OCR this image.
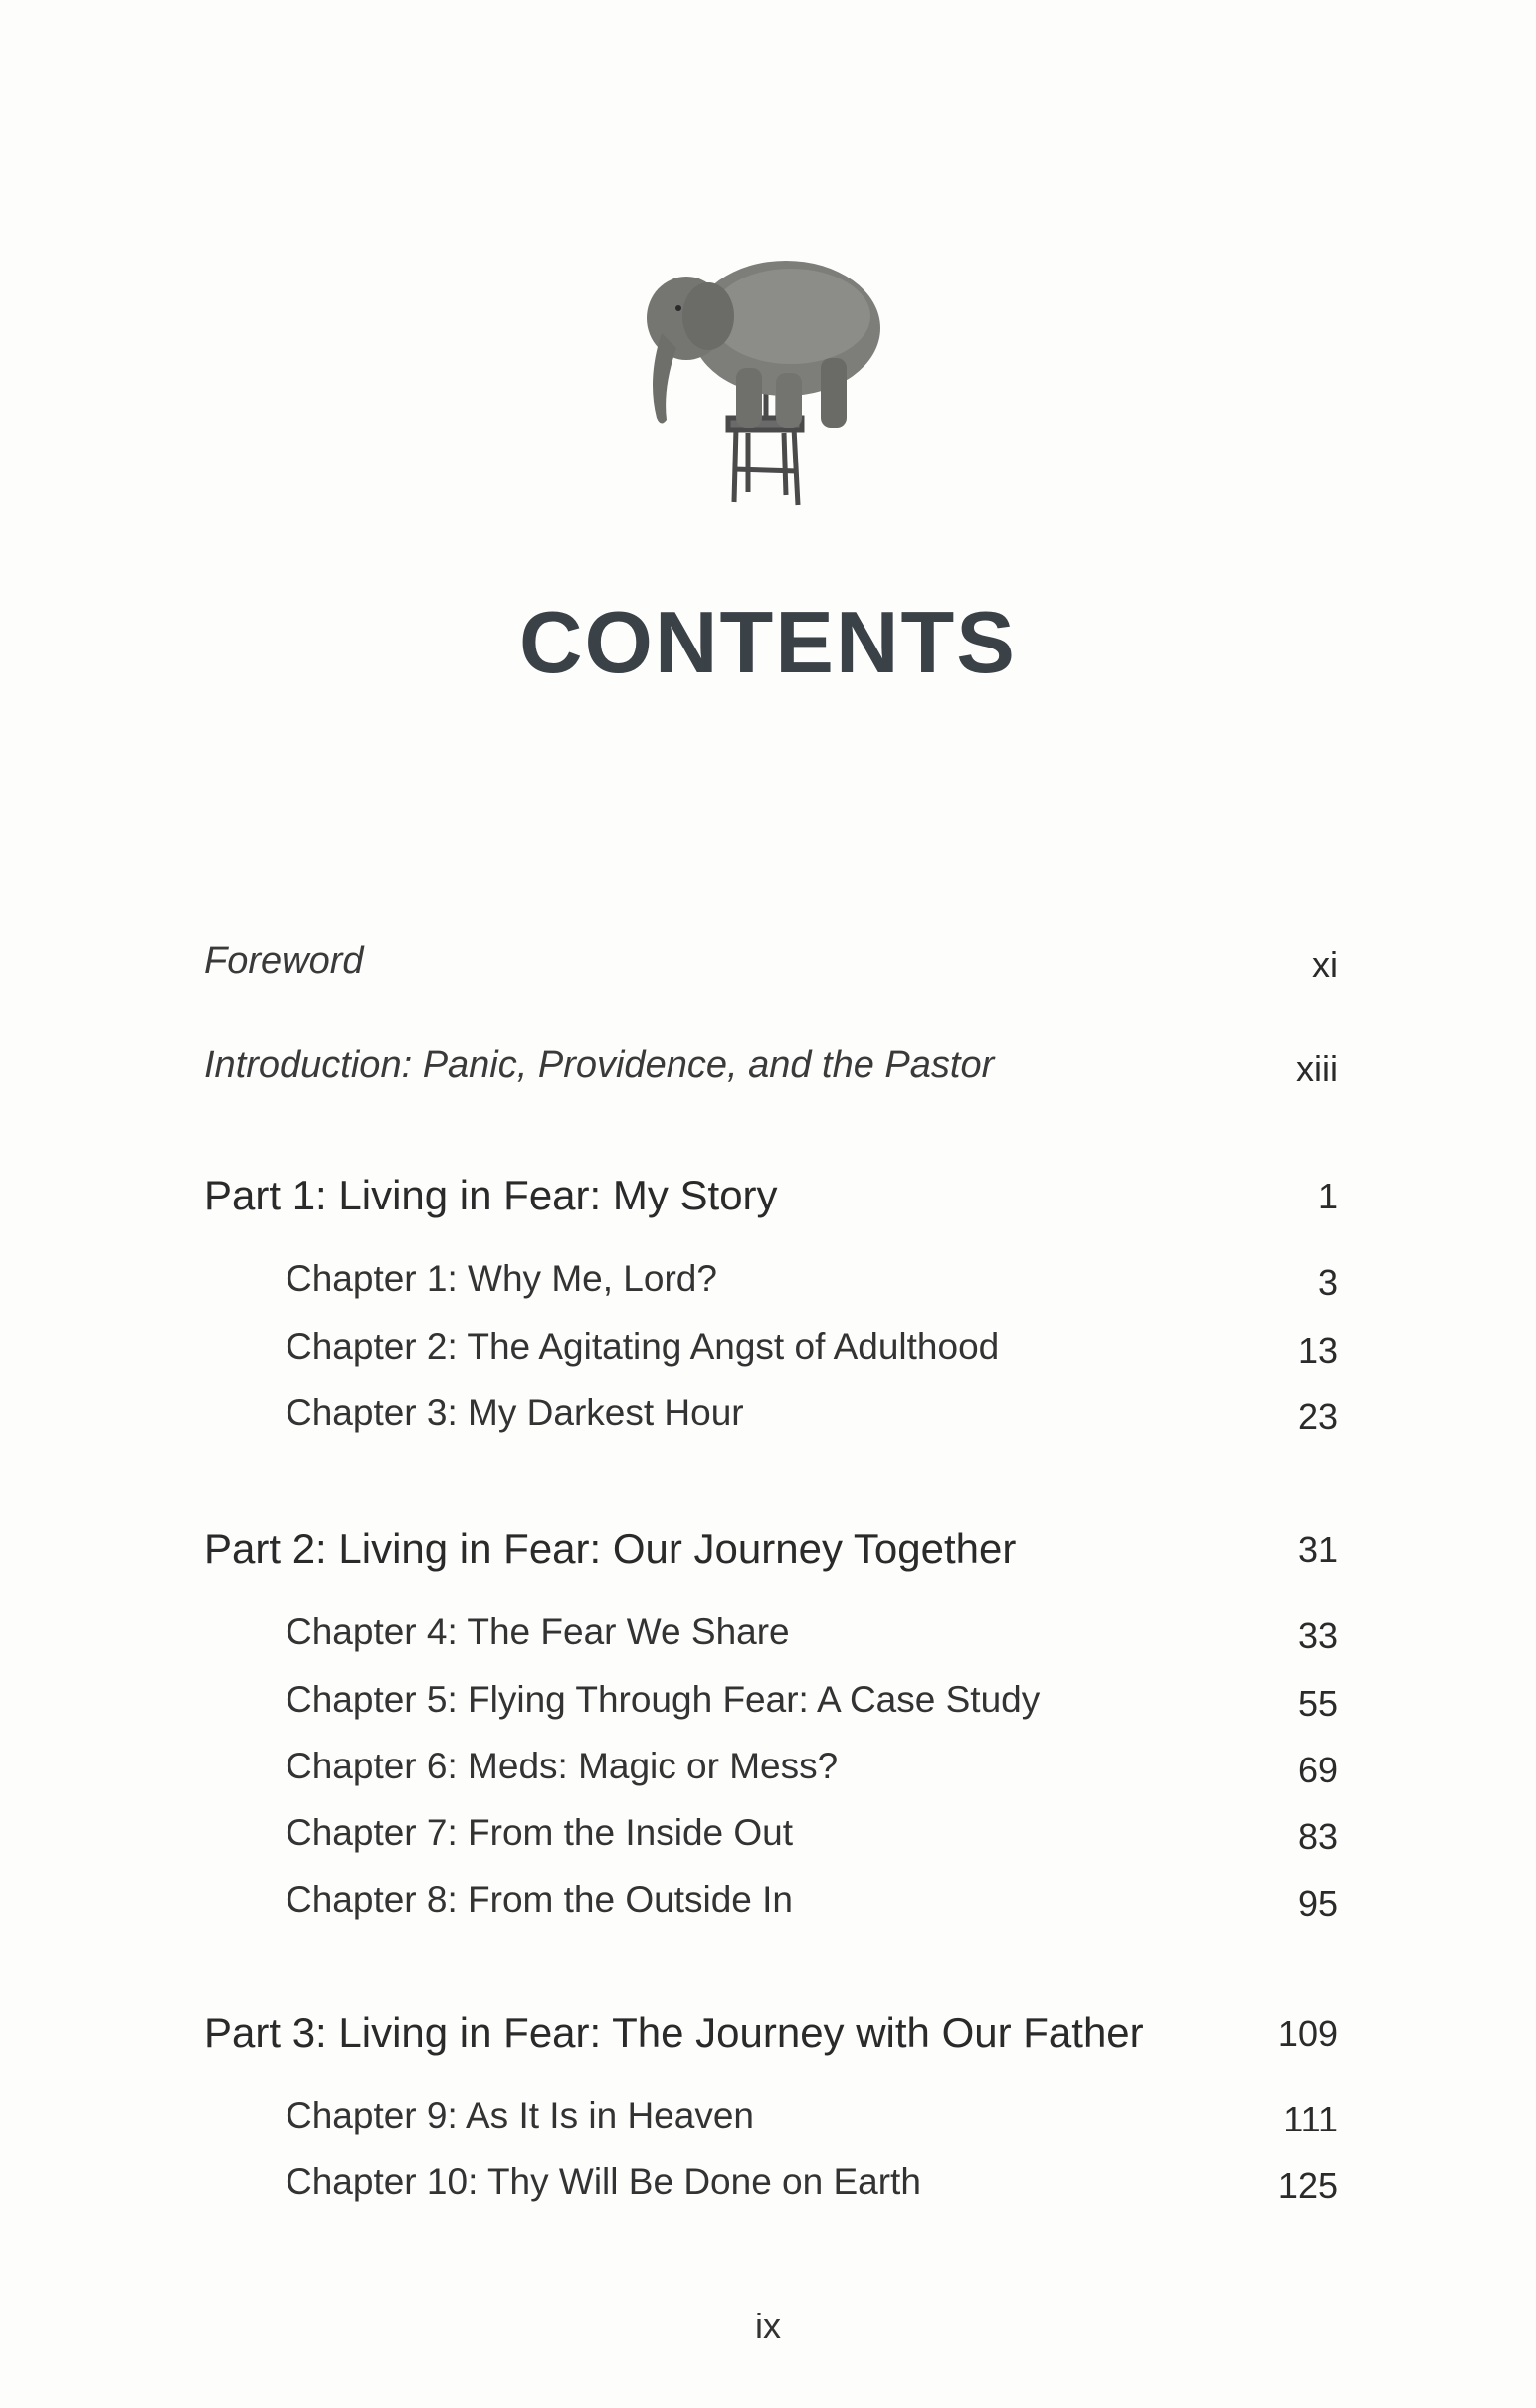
CONTENTS
Foreword	xi
Introduction: Panic, Providence, and the Pastor	xiii
Part 1: Living in Fear: My Story	1
Chapter 1: Why Me, Lord?	3
Chapter 2: The Agitating Angst of Adulthood	13
Chapter 3: My Darkest Hour	23
Part 2: Living in Fear: Our Journey Together	31
Chapter 4: The Fear We Share	33
Chapter 5: Flying Through Fear: A Case Study	55
Chapter 6: Meds: Magic or Mess?	69
Chapter 7: From the Inside Out	83
Chapter 8: From the Outside In	95
Part 3: Living in Fear: The Journey with Our Father	109
Chapter 9: As It Is in Heaven	111
Chapter 10: Thy Will Be Done on Earth	125
ix
